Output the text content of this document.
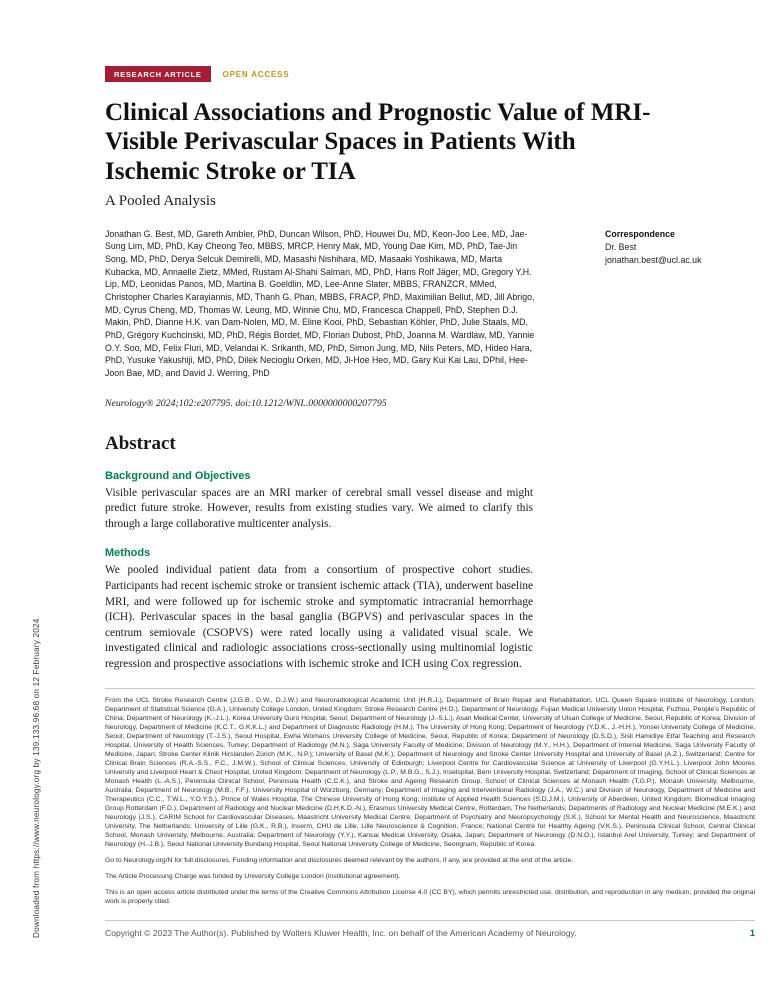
Downloaded from https://www.neurology.org by 139.133.96.68 on 12 February 2024
RESEARCH ARTICLE	OPEN ACCESS
Clinical Associations and Prognostic Value of MRI-Visible Perivascular Spaces in Patients With Ischemic Stroke or TIA
A Pooled Analysis

Jonathan G. Best, MD, Gareth Ambler, PhD, Duncan Wilson, PhD, Houwei Du, MD, Keon-Joo Lee, MD, Jae-Sung Lim, MD, PhD, Kay Cheong Teo, MBBS, MRCP, Henry Mak, MD, Young Dae Kim, MD, PhD, Tae-Jin Song, MD, PhD, Derya Selcuk Demirelli, MD, Masashi Nishihara, MD, Masaaki Yoshikawa, MD, Marta Kubacka, MD, Annaelle Zietz, MMed, Rustam Al-Shahi Salman, MD, PhD, Hans Rolf Jäger, MD, Gregory Y.H. Lip, MD, Leonidas Panos, MD, Martina B. Goeldlin, MD, Lee-Anne Slater, MBBS, FRANZCR, MMed, Christopher Charles Karayiannis, MD, Thanh G. Phan, MBBS, FRACP, PhD, Maximilian Bellut, MD, Jill Abrigo, MD, Cyrus Cheng, MD, Thomas W. Leung, MD, Winnie Chu, MD, Francesca Chappell, PhD, Stephen D.J. Makin, PhD, Dianne H.K. van Dam-Nolen, MD, M. Eline Kooi, PhD, Sebastian Köhler, PhD, Julie Staals, MD, PhD, Grégory Kuchcinski, MD, PhD, Régis Bordet, MD, Florian Dubost, PhD, Joanna M. Wardlaw, MD, Yannie O.Y. Soo, MD, Felix Fluri, MD, Velandai K. Srikanth, MD, PhD, Simon Jung, MD, Nils Peters, MD, Hideo Hara, PhD, Yusuke Yakushiji, MD, PhD, Dilek Necioglu Orken, MD, Ji-Hoe Heo, MD, Gary Kui Kai Lau, DPhil, Hee-Joon Bae, MD, and David J. Werring, PhD

Correspondence
Dr. Best
jonathan.best@ucl.ac.uk

Neurology® 2024;102:e207795. doi:10.1212/WNL.0000000000207795

Abstract
Background and Objectives

Visible perivascular spaces are an MRI marker of cerebral small vessel disease and might predict future stroke. However, results from existing studies vary. We aimed to clarify this through a large collaborative multicenter analysis.

Methods

We pooled individual patient data from a consortium of prospective cohort studies. Participants had recent ischemic stroke or transient ischemic attack (TIA), underwent baseline MRI, and were followed up for ischemic stroke and symptomatic intracranial hemorrhage (ICH). Perivascular spaces in the basal ganglia (BGPVS) and perivascular spaces in the centrum semiovale (CSOPVS) were rated locally using a validated visual scale. We investigated clinical and radiologic associations cross-sectionally using multinomial logistic regression and prospective associations with ischemic stroke and ICH using Cox regression.

From the UCL Stroke Research Centre (J.G.B., D.W., D.J.W.) and Neuroradiological Academic Unit (H.R.J.), Department of Brain Repair and Rehabilitation, UCL Queen Square Institute of Neurology, London; Department of Statistical Science (G.A.), University College London, United Kingdom; Stroke Research Centre (H.D.), Department of Neurology, Fujian Medical University Union Hospital, Fuzhou, People's Republic of China; Department of Neurology (K.-J.L.), Korea University Guro Hospital, Seoul; Department of Neurology (J.-S.L.), Asan Medical Center, University of Ulsan College of Medicine, Seoul, Republic of Korea; Division of Neurology, Department of Medicine (K.C.T., G.K.K.L.) and Department of Diagnostic Radiology (H.M.), The University of Hong Kong; Department of Neurology (Y.D.K., J.-H.H.), Yonsei University College of Medicine, Seoul; Department of Neurology (T.-J.S.), Seoul Hospital, Ewha Womans University College of Medicine, Seoul, Republic of Korea; Department of Neurology (D.S.D.), Sisli Hamidiye Etfal Teaching and Research Hospital, University of Health Sciences, Turkey; Department of Radiology (M.N.), Saga University Faculty of Medicine; Division of Neurology (M.Y., H.H.), Department of Internal Medicine, Saga University Faculty of Medicine, Japan; Stroke Center Klinik Hirslanden Zürich (M.K., N.P.); University of Basel (M.K.); Department of Neurology and Stroke Center University Hospital and University of Basel (A.Z.), Switzerland; Centre for Clinical Brain Sciences (R.A.-S.S., F.C., J.M.W.), School of Clinical Sciences, University of Edinburgh; Liverpool Centre for Cardiovascular Science at University of Liverpool (G.Y.H.L.), Liverpool John Moores University and Liverpool Heart & Chest Hospital, United Kingdom; Department of Neurology (L.P., M.B.G., S.J.), Inselspital, Bern University Hospital, Switzerland; Department of Imaging, School of Clinical Sciences at Monash Health (L.-A.S.), Peninsula Clinical School, Peninsula Health (C.C.K.), and Stroke and Ageing Research Group, School of Clinical Sciences at Monash Health (T.G.P.), Monash University, Melbourne, Australia; Department of Neurology (M.B., F.F.), University Hospital of Würzburg, Germany; Department of Imaging and Interventional Radiology (J.A., W.C.) and Division of Neurology, Department of Medicine and Therapeutics (C.C., T.W.L., Y.O.Y.S.), Prince of Wales Hospital, The Chinese University of Hong Kong; Institute of Applied Health Sciences (S.D.J.M.), University of Aberdeen, United Kingdom; Biomedical Imaging Group Rotterdam (F.D.), Department of Radiology and Nuclear Medicine (D.H.K.D.-N.), Erasmus University Medical Centre, Rotterdam, The Netherlands; Departments of Radiology and Nuclear Medicine (M.E.K.) and Neurology (J.S.), CARIM School for Cardiovascular Diseases, Maastricht University Medical Centre; Department of Psychiatry and Neuropsychology (S.K.), School for Mental Health and Neuroscience, Maastricht University, The Netherlands; University of Lille (G.K., R.B.), Inserm, CHU de Lille, Lille Neuroscience & Cognition, France; National Centre for Healthy Ageing (V.K.S.), Peninsula Clinical School, Central Clinical School, Monash University, Melbourne, Australia; Department of Neurology (Y.Y.), Kansai Medical University, Osaka, Japan; Department of Neurology (D.N.O.), Istanbul Arel University, Turkey; and Department of Neurology (H.-J.B.), Seoul National University Bundang Hospital, Seoul National University College of Medicine, Seongnam, Republic of Korea.

Go to Neurology.org/N for full disclosures. Funding information and disclosures deemed relevant by the authors, if any, are provided at the end of the article.

The Article Processing Charge was funded by University College London (institutional agreement).

This is an open access article distributed under the terms of the Creative Commons Attribution License 4.0 (CC BY), which permits unrestricted use, distribution, and reproduction in any medium, provided the original work is properly cited.

Copyright © 2023 The Author(s). Published by Wolters Kluwer Health, Inc. on behalf of the American Academy of Neurology.	1
